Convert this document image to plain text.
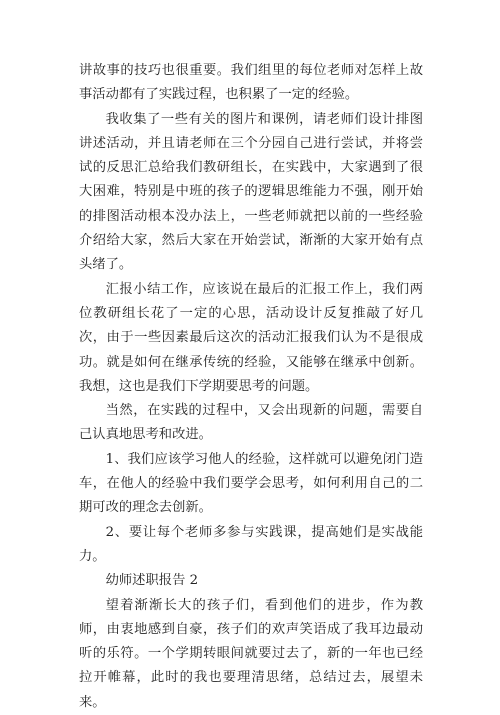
讲故事的技巧也很重要。我们组里的每位老师对怎样上故事活动都有了实践过程，也积累了一定的经验。

我收集了一些有关的图片和课例，请老师们设计排图讲述活动，并且请老师在三个分园自己进行尝试，并将尝试的反思汇总给我们教研组长，在实践中，大家遇到了很大困难，特别是中班的孩子的逻辑思维能力不强，刚开始的排图活动根本没办法上，一些老师就把以前的一些经验介绍给大家，然后大家在开始尝试，渐渐的大家开始有点头绪了。

汇报小结工作，应该说在最后的汇报工作上，我们两位教研组长花了一定的心思，活动设计反复推敲了好几次，由于一些因素最后这次的活动汇报我们认为不是很成功。就是如何在继承传统的经验，又能够在继承中创新。我想，这也是我们下学期要思考的问题。

当然，在实践的过程中，又会出现新的问题，需要自己认真地思考和改进。

1、我们应该学习他人的经验，这样就可以避免闭门造车，在他人的经验中我们要学会思考，如何利用自己的二期可改的理念去创新。

2、要让每个老师多参与实践课，提高她们是实战能力。

幼师述职报告 2

望着渐渐长大的孩子们，看到他们的进步，作为教师，由衷地感到自豪，孩子们的欢声笑语成了我耳边最动听的乐符。一个学期转眼间就要过去了，新的一年也已经拉开帷幕，此时的我也要理清思绪，总结过去，展望未来。
